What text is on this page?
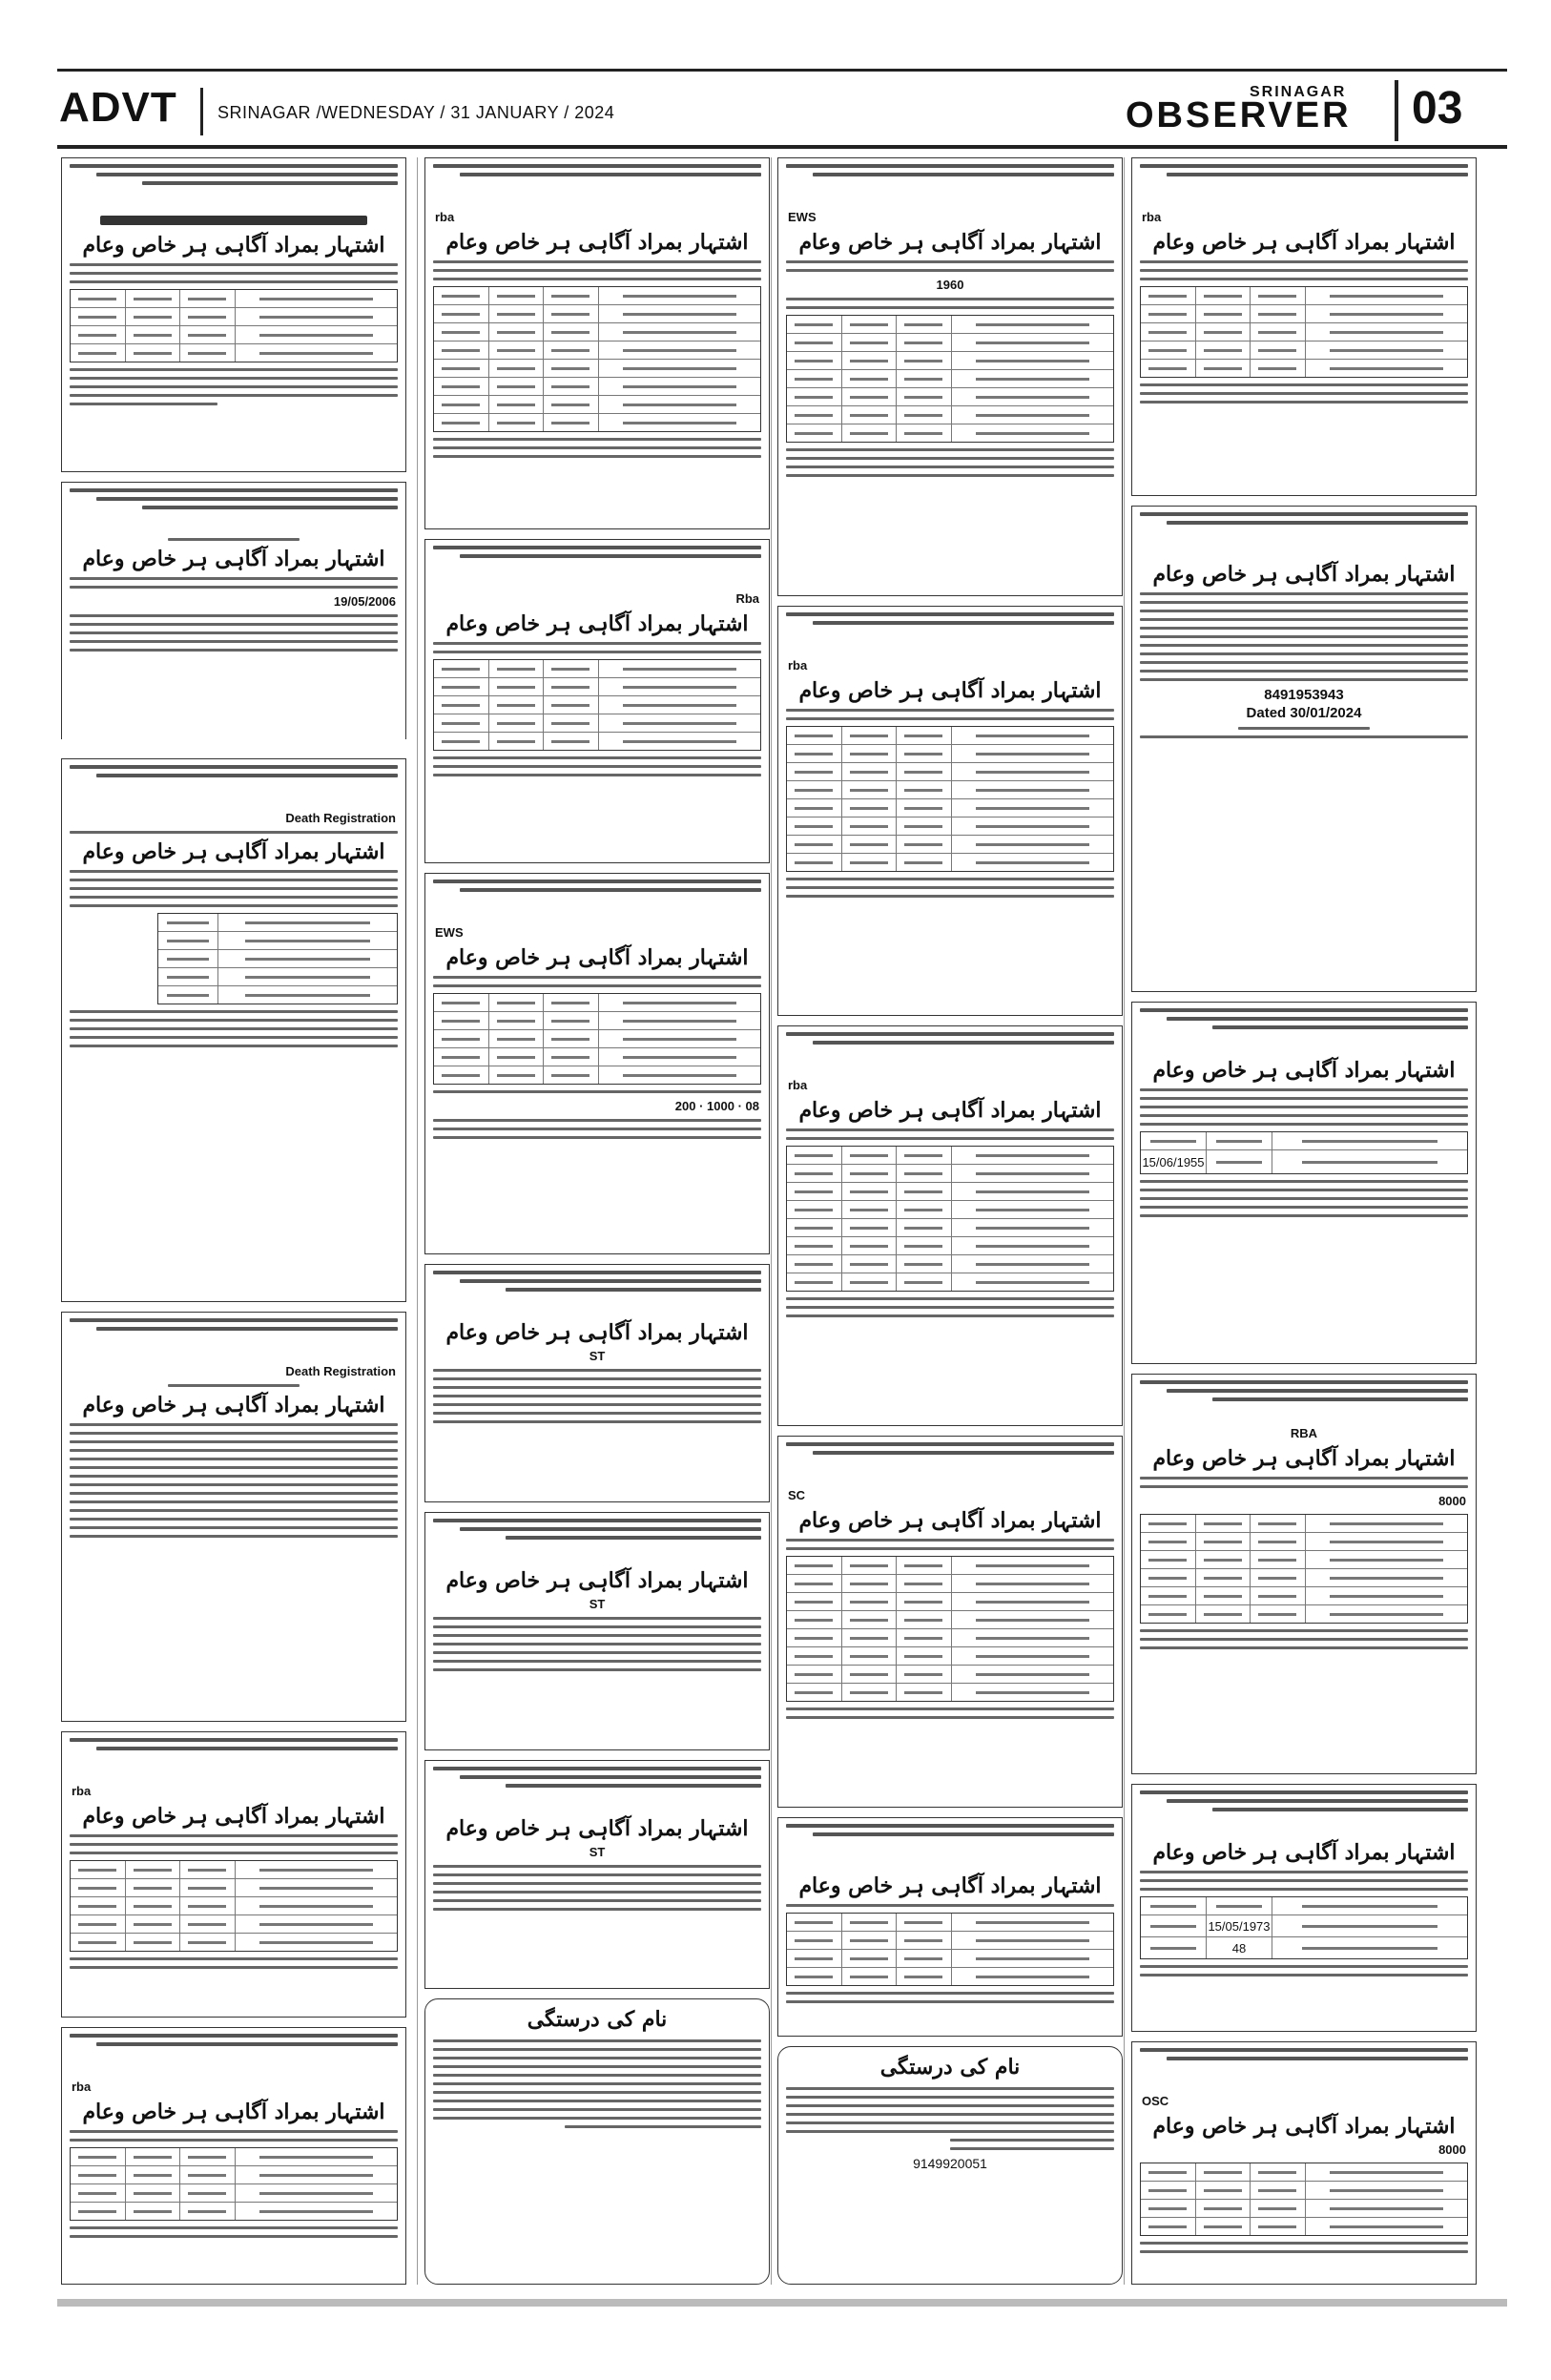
ADVT SRINAGAR /WEDNESDAY / 31 JANUARY / 2024
SRINAGAR
OBSERVER 03
اشتہار بمراد آگاہی ہر خاص وعام
اشتہار بمراد آگاہی ہر خاص وعام
19/05/2006
Death Registration
اشتہار بمراد آگاہی ہر خاص وعام
Death Registration
اشتہار بمراد آگاہی ہر خاص وعام
rba
اشتہار بمراد آگاہی ہر خاص وعام
rba
اشتہار بمراد آگاہی ہر خاص وعام
rba
اشتہار بمراد آگاہی ہر خاص وعام
Rba
اشتہار بمراد آگاہی ہر خاص وعام
EWS
اشتہار بمراد آگاہی ہر خاص وعام
200 · 1000 · 08
اشتہار بمراد آگاہی ہر خاص وعام
ST
اشتہار بمراد آگاہی ہر خاص وعام
ST
اشتہار بمراد آگاہی ہر خاص وعام
ST
نام کی درستگی
EWS
اشتہار بمراد آگاہی ہر خاص وعام
1960
rba
اشتہار بمراد آگاہی ہر خاص وعام
rba
اشتہار بمراد آگاہی ہر خاص وعام
SC
اشتہار بمراد آگاہی ہر خاص وعام
اشتہار بمراد آگاہی ہر خاص وعام
نام کی درستگی
9149920051
rba
اشتہار بمراد آگاہی ہر خاص وعام
اشتہار بمراد آگاہی ہر خاص وعام
8491953943
Dated 30/01/2024
اشتہار بمراد آگاہی ہر خاص وعام
15/06/1955
RBA
اشتہار بمراد آگاہی ہر خاص وعام
8000
اشتہار بمراد آگاہی ہر خاص وعام
15/05/1973
48
OSC
اشتہار بمراد آگاہی ہر خاص وعام
8000
